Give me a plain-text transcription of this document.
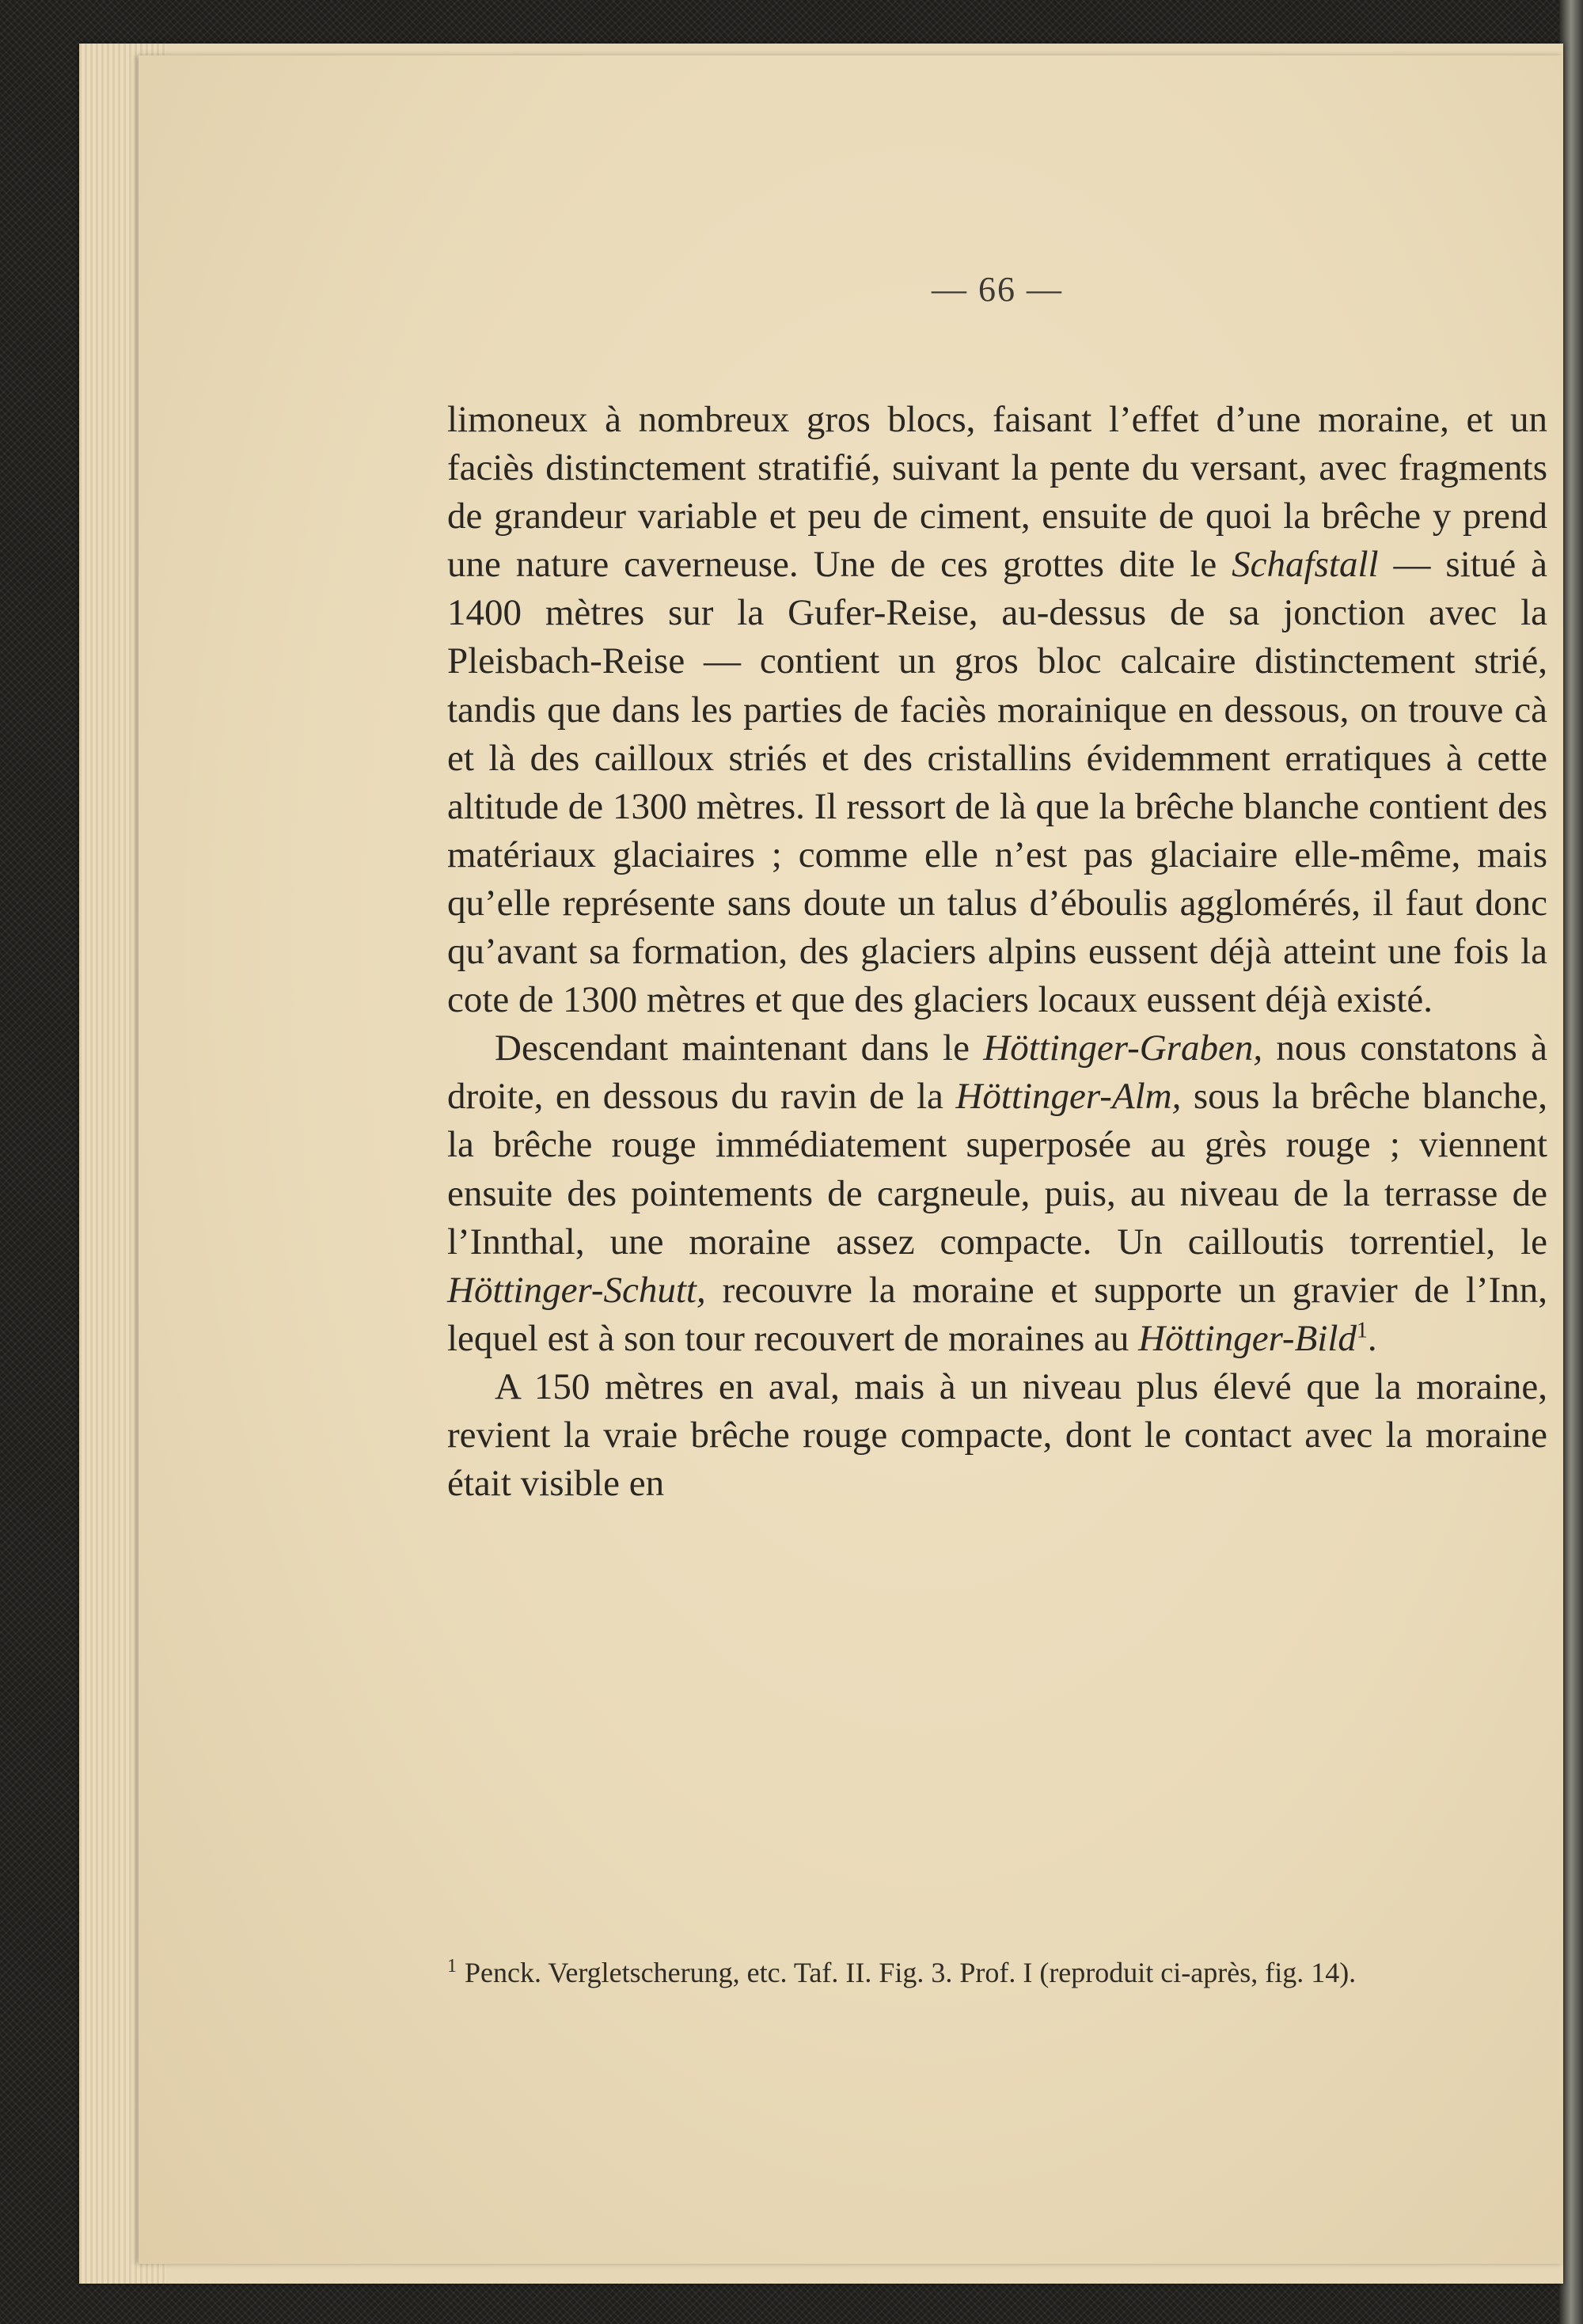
— 66 —

limoneux à nombreux gros blocs, faisant l’effet d’une moraine, et un faciès distinctement stratifié, suivant la pente du versant, avec fragments de grandeur variable et peu de ciment, ensuite de quoi la brêche y prend une nature caverneuse. Une de ces grottes dite le Schafstall — situé à 1400 mètres sur la Gufer-Reise, au-dessus de sa jonction avec la Pleisbach-Reise — contient un gros bloc calcaire distinctement strié, tandis que dans les parties de faciès morainique en dessous, on trouve cà et là des cailloux striés et des cristallins évidemment erratiques à cette altitude de 1300 mètres. Il ressort de là que la brêche blanche contient des matériaux glaciaires ; comme elle n’est pas glaciaire elle-même, mais qu’elle représente sans doute un talus d’éboulis agglomérés, il faut donc qu’avant sa formation, des glaciers alpins eussent déjà atteint une fois la cote de 1300 mètres et que des glaciers locaux eussent déjà existé.

Descendant maintenant dans le Höttinger-Graben, nous constatons à droite, en dessous du ravin de la Höttinger-Alm, sous la brêche blanche, la brêche rouge immédiatement superposée au grès rouge ; viennent ensuite des pointements de cargneule, puis, au niveau de la terrasse de l’Innthal, une moraine assez compacte. Un cailloutis torrentiel, le Höttinger-Schutt, recouvre la moraine et supporte un gravier de l’Inn, lequel est à son tour recouvert de moraines au Höttinger-Bild$^1$.

A 150 mètres en aval, mais à un niveau plus élevé que la moraine, revient la vraie brêche rouge compacte, dont le contact avec la moraine était visible en

$^1$ Penck. Vergletscherung, etc. Taf. II. Fig. 3. Prof. I (reproduit ci-après, fig. 14).
